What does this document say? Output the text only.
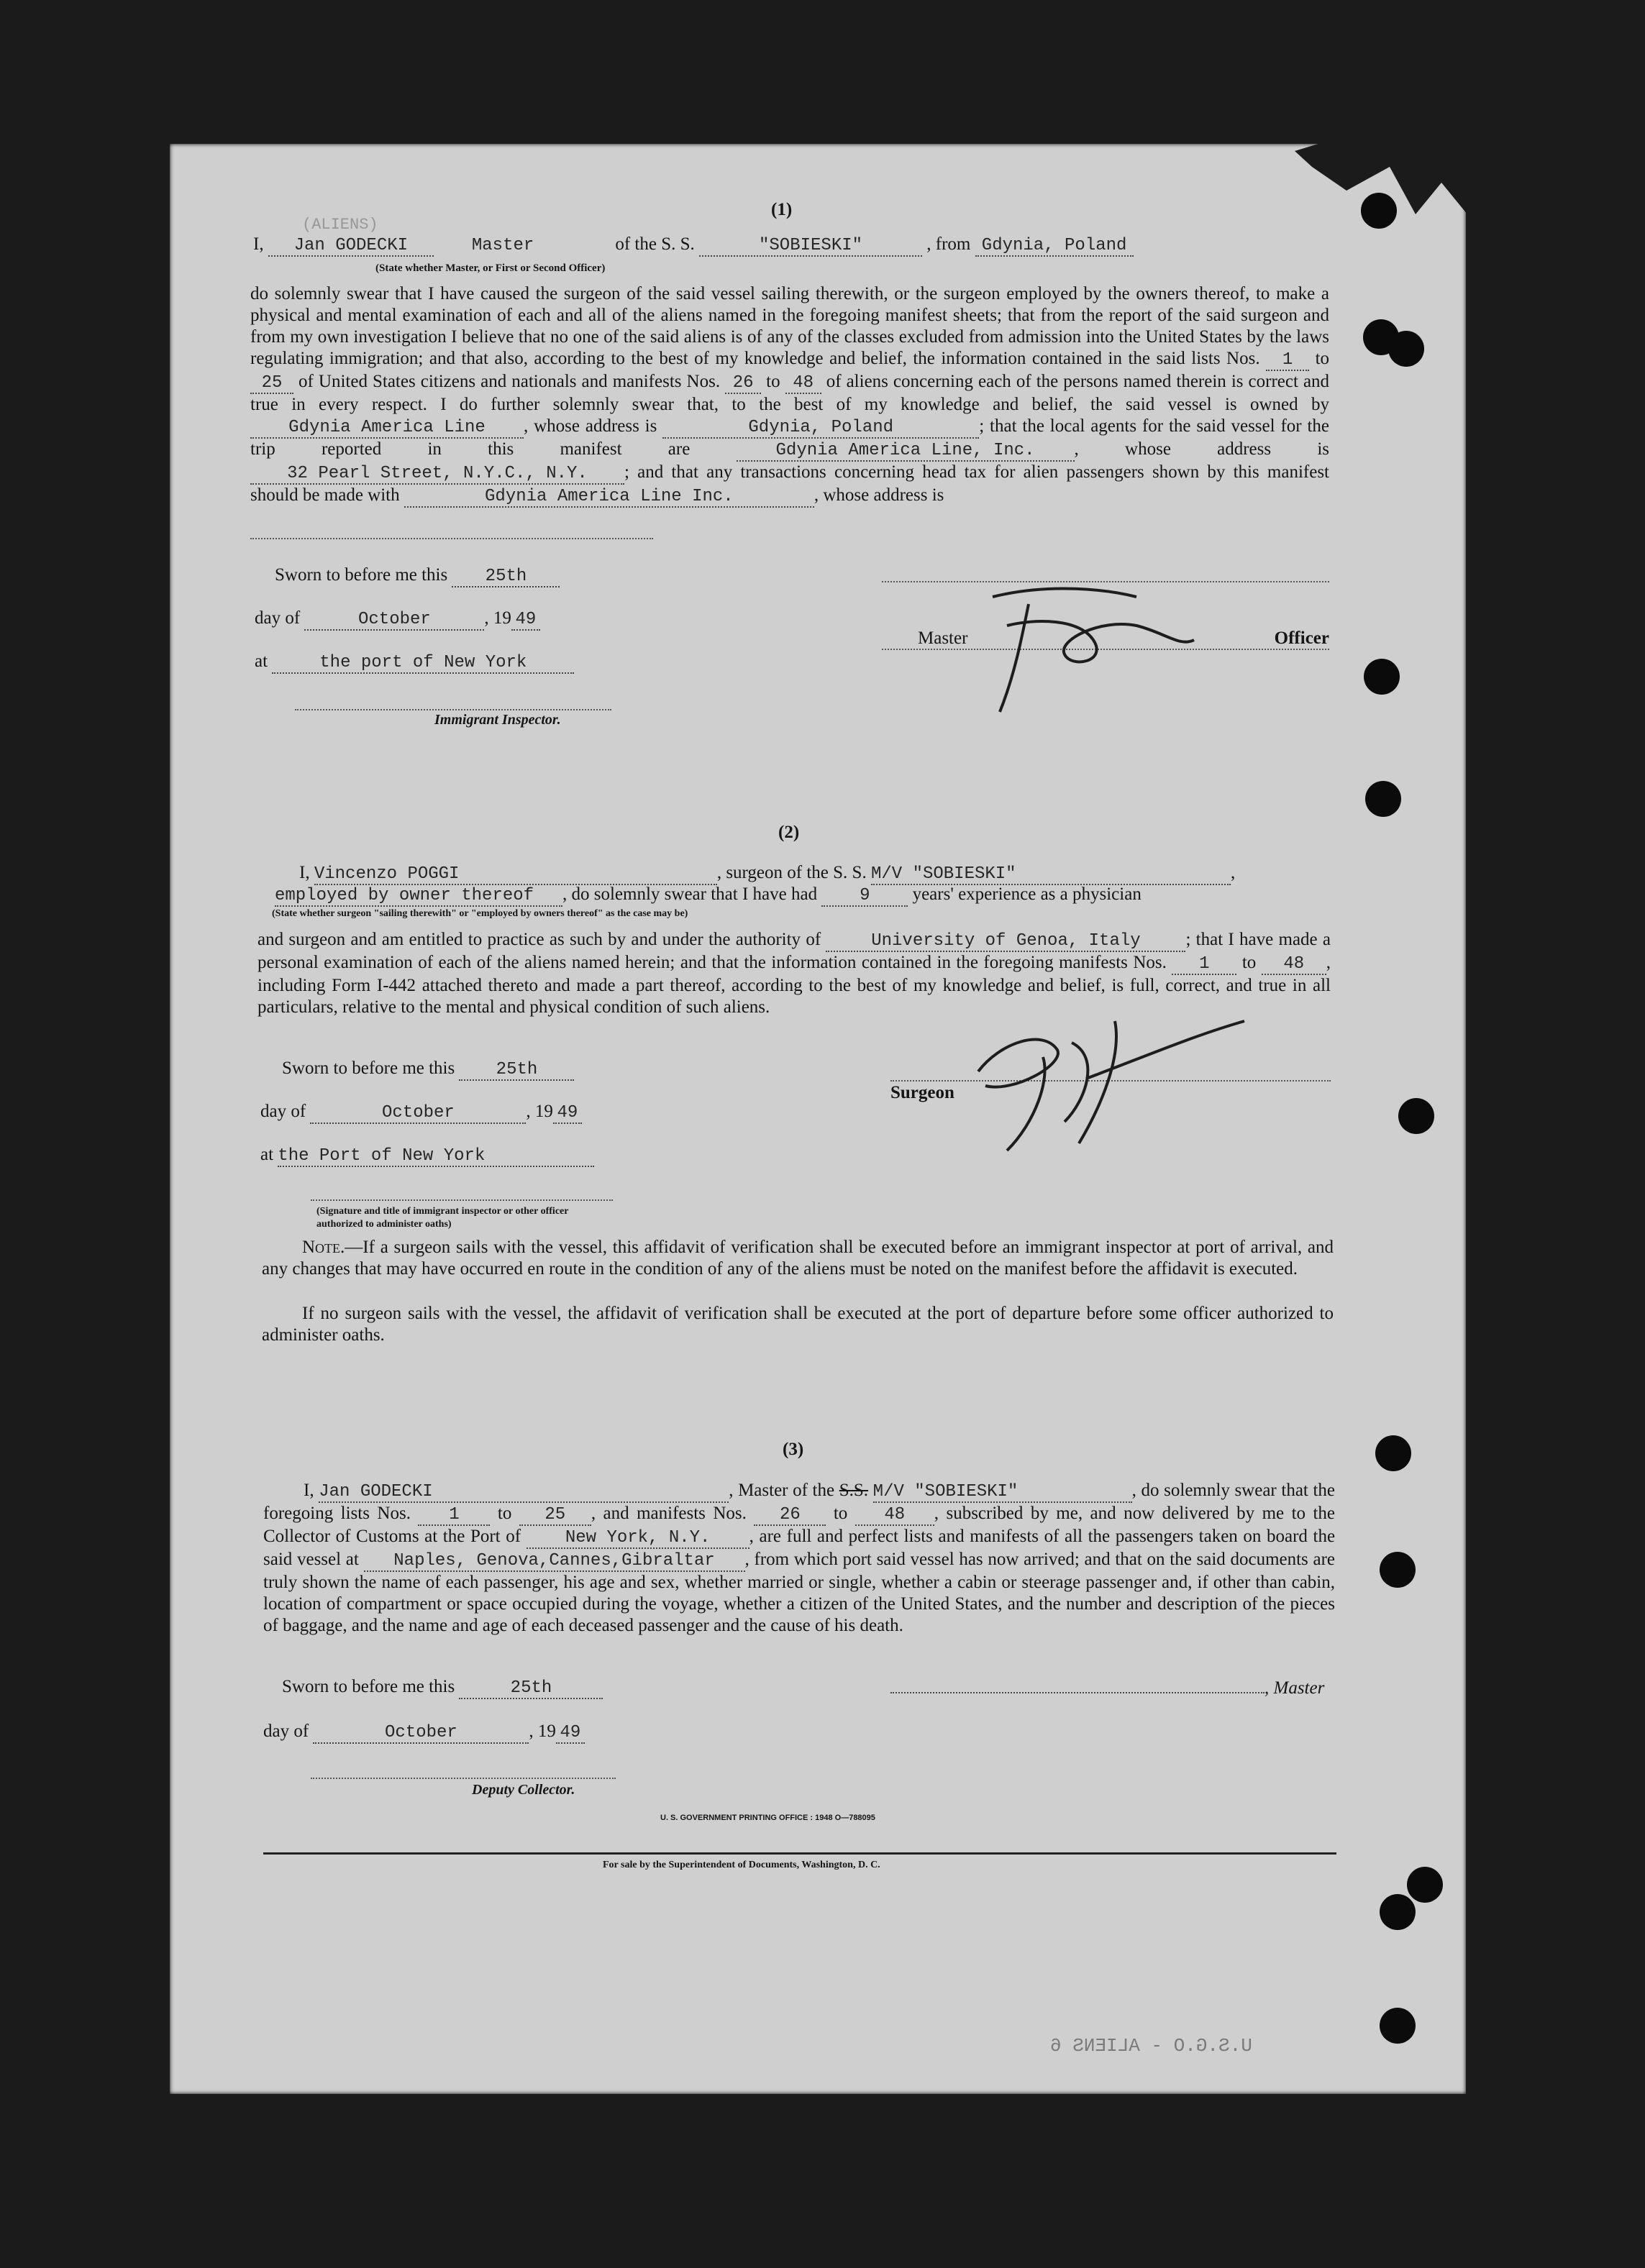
(ALIENS)
(1)
I, Jan GODECKI	Master	of the S. S.	"SOBIESKI"	, from Gdynia, Poland
(State whether Master, or First or Second Officer)
do solemnly swear that I have caused the surgeon of the said vessel sailing therewith, or the surgeon employed by the owners thereof, to make a physical and mental examination of each and all of the aliens named in the foregoing manifest sheets; that from the report of the said surgeon and from my own investigation I believe that no one of the said aliens is of any of the classes excluded from admission into the United States by the laws regulating immigration; and that also, according to the best of my knowledge and belief, the information contained in the said lists Nos. 1 to 25 of United States citizens and nationals and manifests Nos. 26 to 48 of aliens concerning each of the persons named therein is correct and true in every respect. I do further solemnly swear that, to the best of my knowledge and belief, the said vessel is owned by Gdynia America Line , whose address is	Gdynia, Poland	; that the local agents for the said vessel for the trip reported in this manifest are	Gdynia America Line, Inc. , whose address is 32 Pearl Street, N.Y.C., N.Y. ; and that any transactions concerning head tax for alien passengers shown by this manifest should be made with	Gdynia America Line Inc.	, whose address is
Sworn to before me this 25th
day of	October	, 19 49
at	the port of New York
Immigrant Inspector.
Master	Officer
(2)
I, Vincenzo POGGI	, surgeon of the S. S. M/V "SOBIESKI"	,
employed by owner thereof , do solemnly swear that I have had 9 years' experience as a physician
(State whether surgeon "sailing therewith" or "employed by owners thereof" as the case may be)
and surgeon and am entitled to practice as such by and under the authority of	University of Genoa, Italy	; that I have made a personal examination of each of the aliens named herein; and that the information contained in the foregoing manifests Nos. 1 to 48 , including Form I-442 attached thereto and made a part thereof, according to the best of my knowledge and belief, is full, correct, and true in all particulars, relative to the mental and physical condition of such aliens.
Sworn to before me this 25th
day of	October	, 19 49
at the Port of New York
Surgeon
(Signature and title of immigrant inspector or other officer authorized to administer oaths)
Note.—If a surgeon sails with the vessel, this affidavit of verification shall be executed before an immigrant inspector at port of arrival, and any changes that may have occurred en route in the condition of any of the aliens must be noted on the manifest before the affidavit is executed.
If no surgeon sails with the vessel, the affidavit of verification shall be executed at the port of departure before some officer authorized to administer oaths.
(3)
I, Jan GODECKI	, Master of the S.S. M/V "SOBIESKI"	, do solemnly swear that the foregoing lists Nos. 1 to 25 , and manifests Nos. 26 to 48 , subscribed by me, and now delivered by me to the Collector of Customs at the Port of	New York, N.Y. , are full and perfect lists and manifests of all the passengers taken on board the said vessel at Naples, Genova,Cannes,Gibraltar , from which port said vessel has now arrived; and that on the said documents are truly shown the name of each passenger, his age and sex, whether married or single, whether a cabin or steerage passenger and, if other than cabin, location of compartment or space occupied during the voyage, whether a citizen of the United States, and the number and description of the pieces of baggage, and the name and age of each deceased passenger and the cause of his death.
Sworn to before me this	25th
day of	October	, 19 49
, Master
Deputy Collector.
U. S. GOVERNMENT PRINTING OFFICE : 1948 O—788095
For sale by the Superintendent of Documents, Washington, D. C.
U.S.G.O - ALIENS 6
